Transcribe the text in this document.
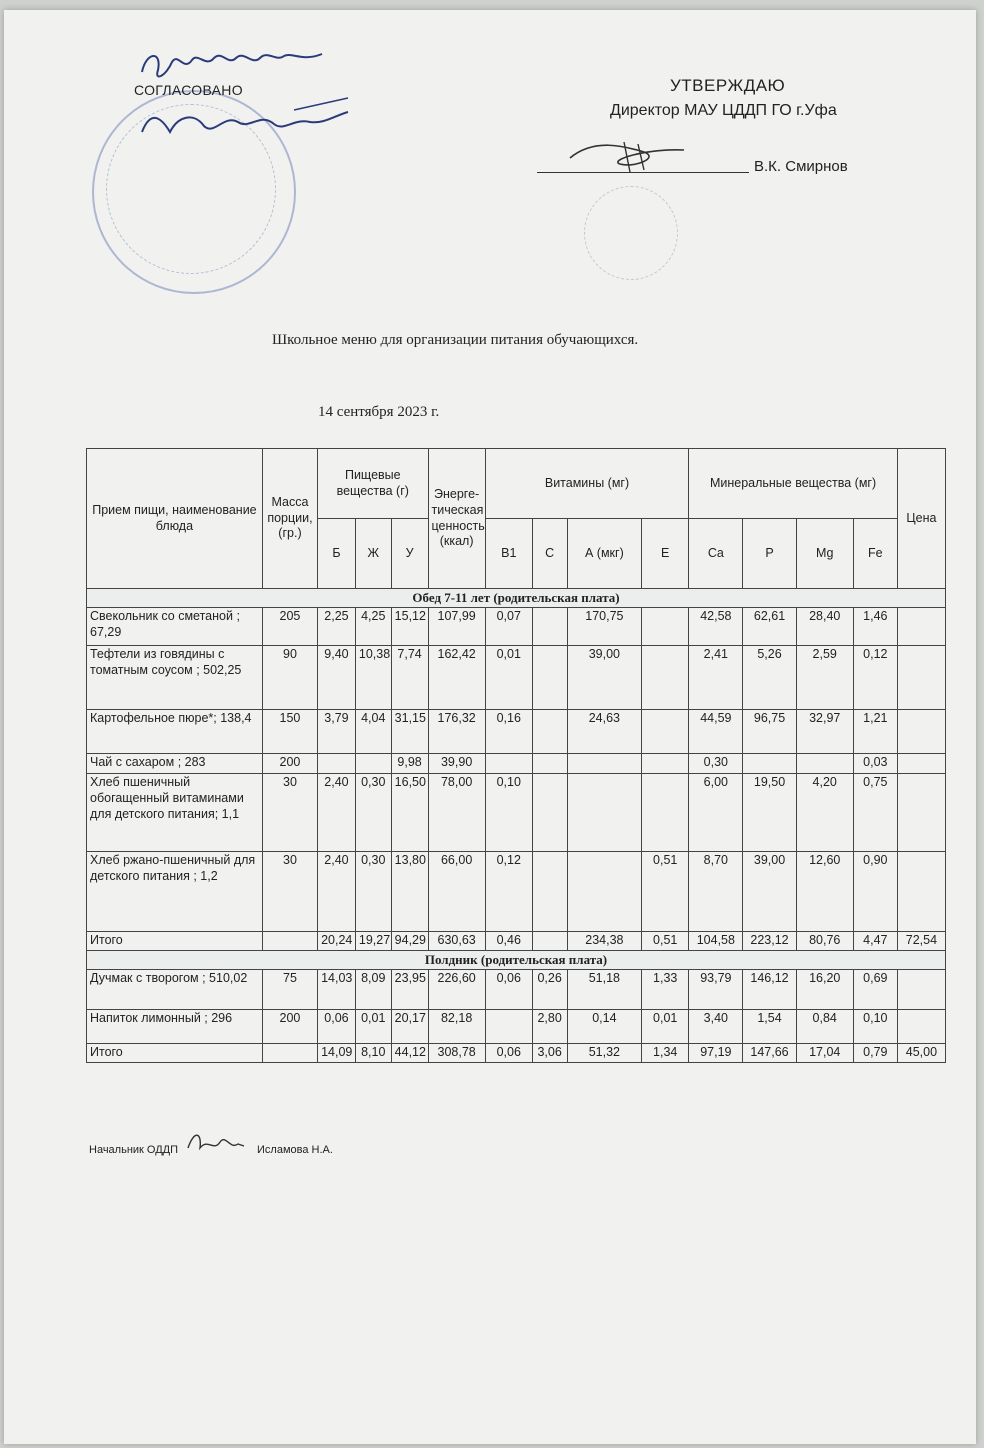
СОГЛАСОВАНО	УТВЕРЖДАЮ
Директор МАУ ЦДДП ГО г.Уфа
В.К. Смирнов
Школьное меню для организации питания обучающихся.
14 сентября 2023 г.
Прием пищи, наименование блюда	Масса порции, (гр.)	Пищевые вещества (г)			Энерге-тическая ценность (ккал)	Витамины (мг)				Минеральные вещества (мг)				Цена
		Б	Ж	У		В1	С	А (мкг)	Е	Ca	P	Mg	Fe	
Обед 7-11 лет (родительская плата)														
Свекольник со сметаной ; 67,29	205	2,25	4,25	15,12	107,99	0,07		170,75		42,58	62,61	28,40	1,46	
Тефтели из говядины с томатным соусом ; 502,25	90	9,40	10,38	7,74	162,42	0,01		39,00		2,41	5,26	2,59	0,12	
Картофельное пюре*; 138,4	150	3,79	4,04	31,15	176,32	0,16		24,63		44,59	96,75	32,97	1,21	
Чай с сахаром ; 283	200			9,98	39,90					0,30			0,03	
Хлеб пшеничный обогащенный витаминами для детского питания; 1,1	30	2,40	0,30	16,50	78,00	0,10				6,00	19,50	4,20	0,75	
Хлеб ржано-пшеничный для детского питания ; 1,2	30	2,40	0,30	13,80	66,00	0,12			0,51	8,70	39,00	12,60	0,90	
Итого		20,24	19,27	94,29	630,63	0,46		234,38	0,51	104,58	223,12	80,76	4,47	72,54
Полдник (родительская плата)														
Дучмак с творогом ; 510,02	75	14,03	8,09	23,95	226,60	0,06	0,26	51,18	1,33	93,79	146,12	16,20	0,69	
Напиток лимонный ; 296	200	0,06	0,01	20,17	82,18		2,80	0,14	0,01	3,40	1,54	0,84	0,10	
Итого		14,09	8,10	44,12	308,78	0,06	3,06	51,32	1,34	97,19	147,66	17,04	0,79	45,00
Начальник ОДДП	Исламова Н.А.
